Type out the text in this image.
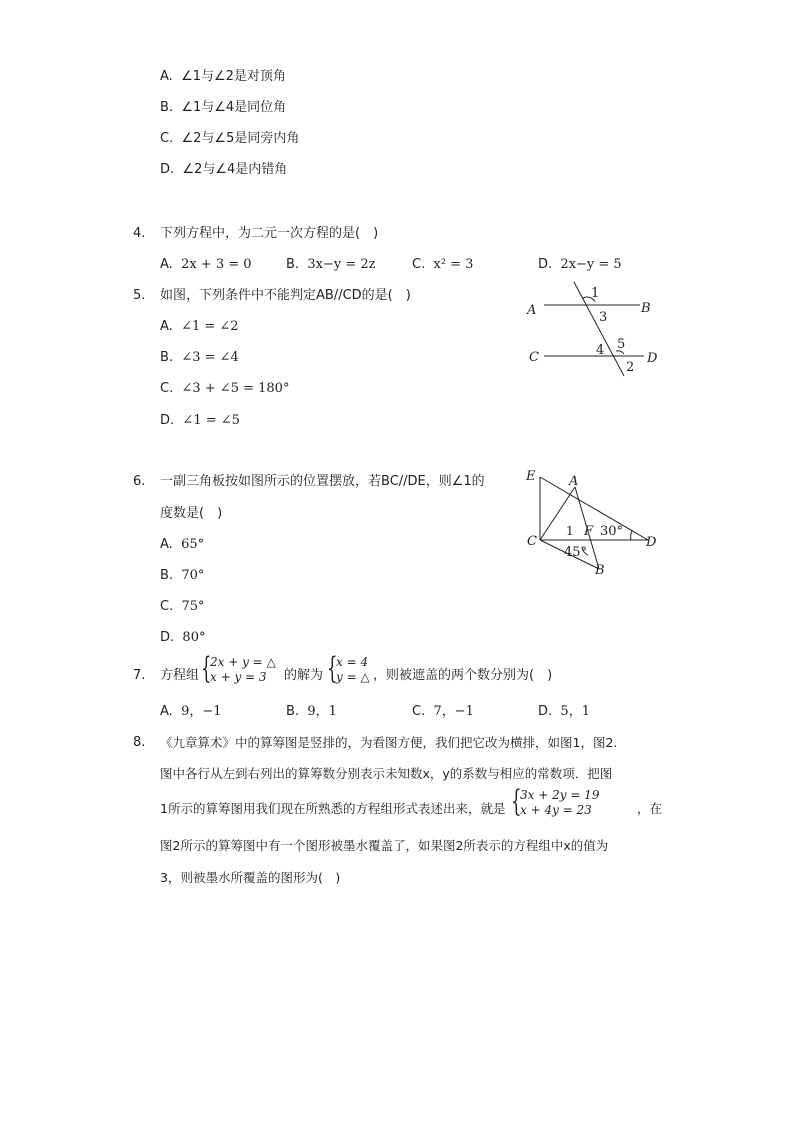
A. ∠1与∠2是对顶角
B. ∠1与∠4是同位角
C. ∠2与∠5是同旁内角
D. ∠2与∠4是内错角
4. 下列方程中，为二元一次方程的是(　)
A. 2x + 3 = 0	B. 3x−y = 2z	C. x² = 3	D. 2x−y = 5
5. 如图，下列条件中不能判定AB//CD的是(　)
A. ∠1 = ∠2
B. ∠3 = ∠4
C. ∠3 + ∠5 = 180°
D. ∠1 = ∠5
A	B
C	D
1
3
4 5
2
6. 一副三角板按如图所示的位置摆放，若BC//DE，则∠1的
度数是(　)
A. 65°
B. 70°
C. 75°
D. 80°
E	A
C	D
B
F
1 30°
45°
7. 方程组 {
2x + y = △
x + y = 3 的解为 {
x = 4
y = △ ，则被遮盖的两个数分别为(　)
A. 9，−1	B. 9，1	C. 7，−1	D. 5，1
8. 《九章算术》中的算筹图是竖排的，为看图方便，我们把它改为横排，如图1，图2.
图中各行从左到右列出的算筹数分别表示未知数x，y的系数与相应的常数项．把图
1所示的算筹图用我们现在所熟悉的方程组形式表述出来，就是 {
3x + 2y = 19
x + 4y = 23	，在
图2所示的算筹图中有一个图形被墨水覆盖了，如果图2所表示的方程组中x的值为
3，则被墨水所覆盖的图形为(　)
